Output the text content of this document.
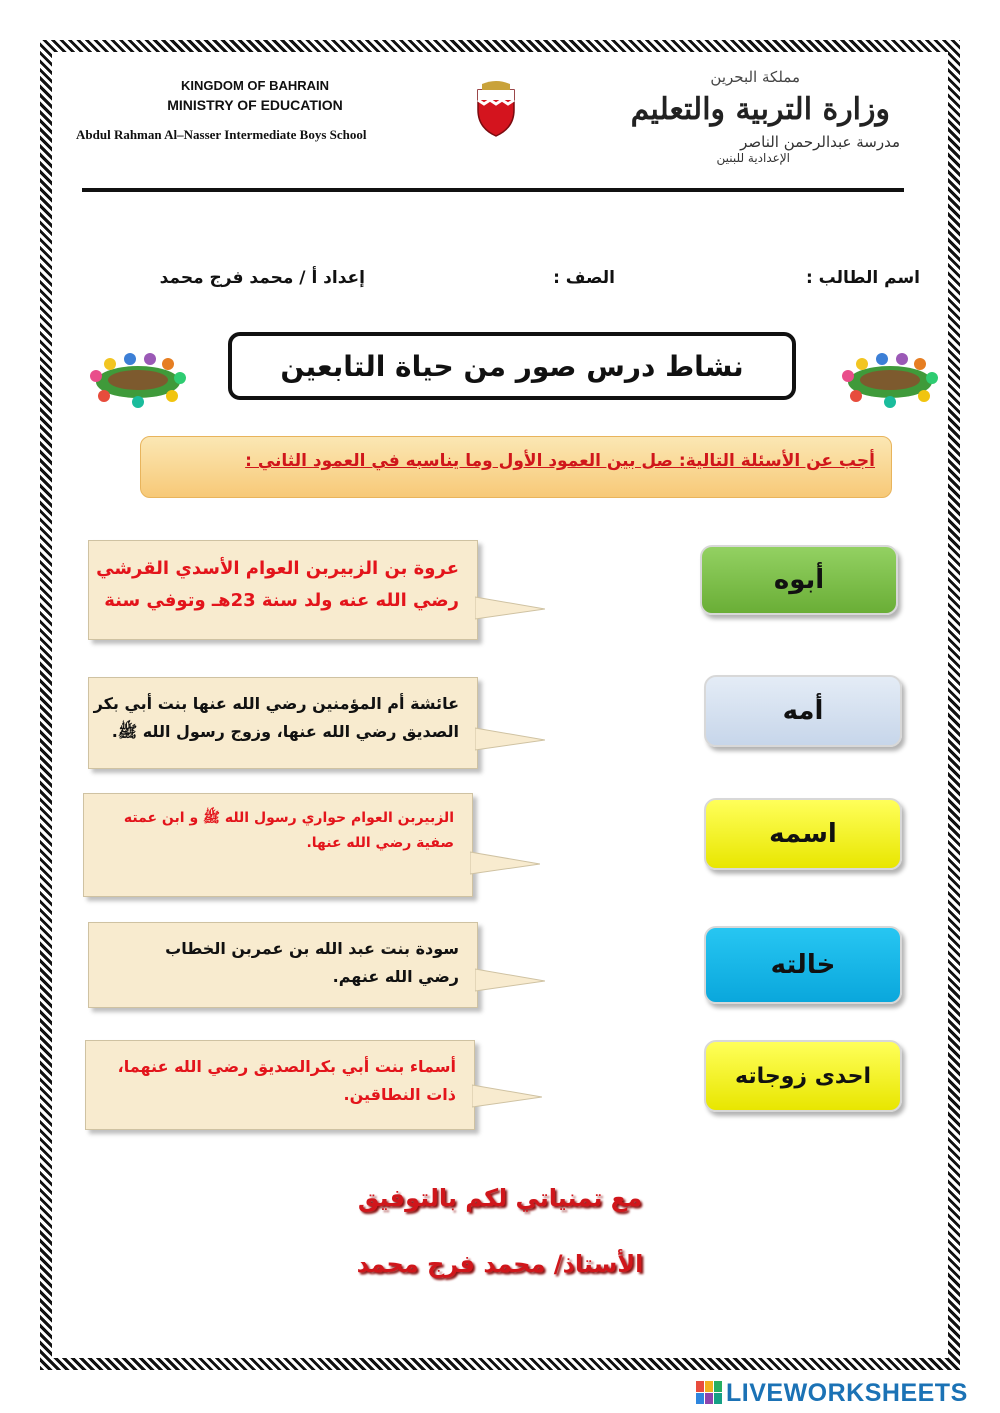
KINGDOM OF BAHRAIN
MINISTRY OF EDUCATION
Abdul Rahman Al–Nasser Intermediate Boys School
مملكة البحرين
وزارة التربية والتعليم
مدرسة عبدالرحمن الناصر
الإعدادية للبنين
اسم الطالب :
الصف :
إعداد أ / محمد فرج محمد
نشاط درس صور من حياة التابعين
أجب عن الأسئلة التالية: صل بين العمود الأول وما يناسبه في العمود الثاني :
عروة بن الزبيربن العوام الأسدي القرشي
رضي الله عنه ولد سنة 23هـ وتوفي سنة
عائشة أم المؤمنين رضي الله عنها بنت أبي بكر
الصديق رضي الله عنها، وزوج رسول الله ﷺ.
الزبيربن العوام حواري رسول الله ﷺ و ابن عمته
صفية رضي الله عنها.
سودة بنت عبد الله بن عمربن الخطاب
رضي الله عنهم.
أسماء بنت أبي بكرالصديق رضي الله عنهما،
ذات النطاقين.
أبوه
أمه
اسمه
خالته
احدى زوجاته
مع تمنياتي لكم بالتوفيق
الأستاذ/ محمد فرج محمد
LIVEWORKSHEETS
